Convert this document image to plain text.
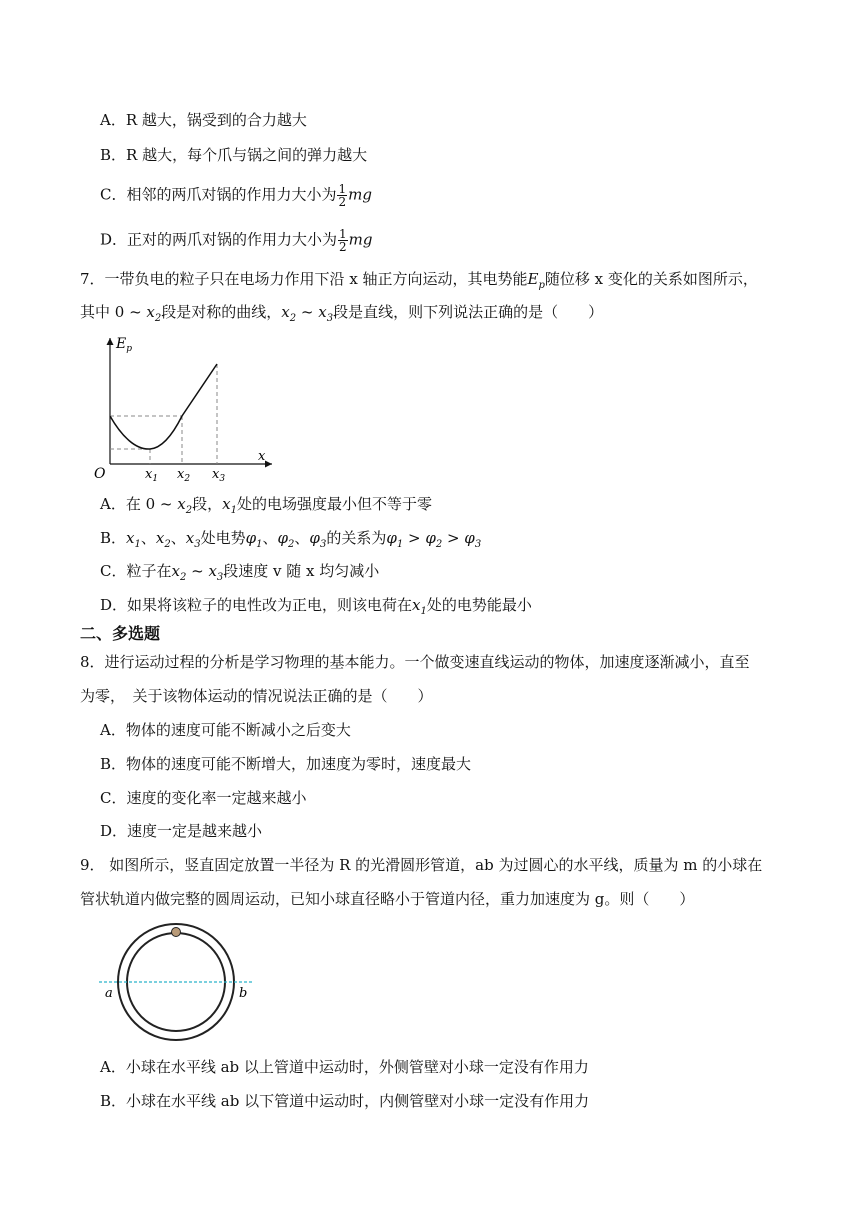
A．R 越大，锅受到的合力越大
B．R 越大，每个爪与锅之间的弹力越大
C．相邻的两爪对锅的作用力大小为 $\frac{1}{2}$ mg
D．正对的两爪对锅的作用力大小为 $\frac{1}{2}$ mg
7．一带负电的粒子只在电场力作用下沿 x 轴正方向运动，其电势能$E_p$随位移 x 变化的关系如图所示，
其中 0 ~ $x_2$段是对称的曲线，$x_2$ ~ $x_3$段是直线，则下列说法正确的是（　　）
$E_p$
O
x
$x_1$ $x_2$ $x_3$
A．在 0 ~ $x_2$段，$x_1$处的电场强度最小但不等于零
B．$x_1$、$x_2$、$x_3$处电势$\varphi_1$、$\varphi_2$、$\varphi_3$的关系为$\varphi_1 > \varphi_2 > \varphi_3$
C．粒子在$x_2$ ~ $x_3$段速度 v 随 x 均匀减小
D．如果将该粒子的电性改为正电，则该电荷在$x_1$处的电势能最小
二、多选题
8．进行运动过程的分析是学习物理的基本能力。一个做变速直线运动的物体，加速度逐渐减小，直至
为零，　关于该物体运动的情况说法正确的是（　　）
A．物体的速度可能不断减小之后变大
B．物体的速度可能不断增大，加速度为零时，速度最大
C．速度的变化率一定越来越小
D．速度一定是越来越小
9． 如图所示，竖直固定放置一半径为 R 的光滑圆形管道，ab 为过圆心的水平线，质量为 m 的小球在
管状轨道内做完整的圆周运动，已知小球直径略小于管道内径，重力加速度为 g。则（　　）
a	b
A．小球在水平线 ab 以上管道中运动时，外侧管壁对小球一定没有作用力
B．小球在水平线 ab 以下管道中运动时，内侧管壁对小球一定没有作用力
